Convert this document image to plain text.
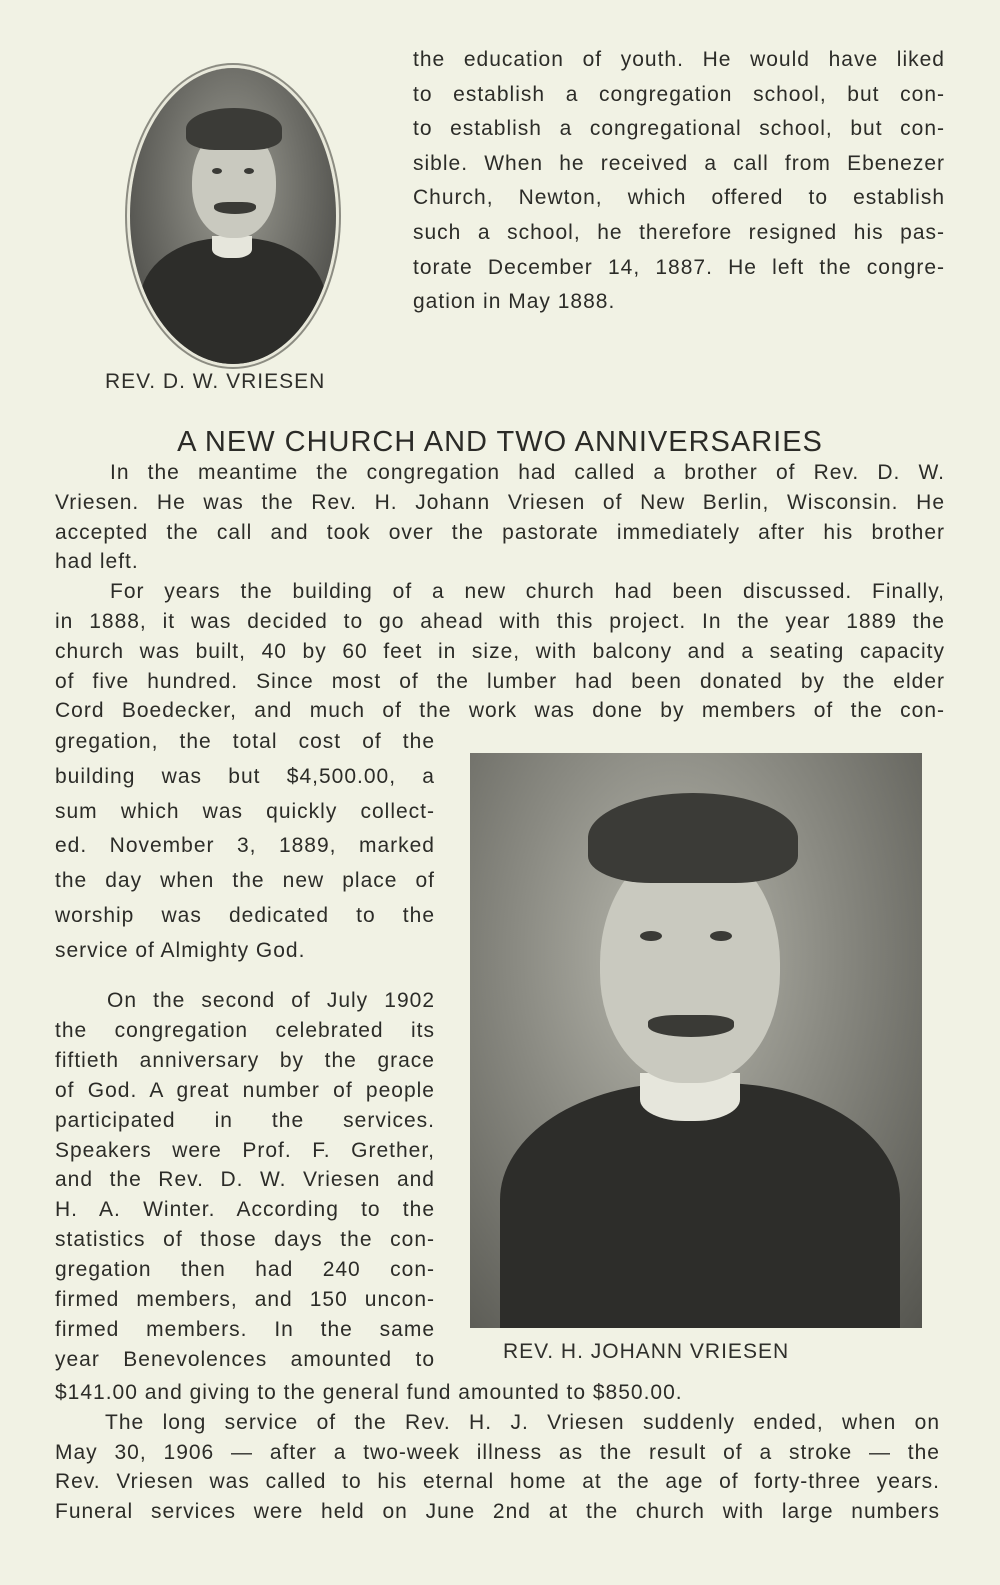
the education of youth. He would have liked
to establish a congregation school, but con-
to establish a congregational school, but con-
sible. When he received a call from Ebenezer
Church, Newton, which offered to establish
such a school, he therefore resigned his pas-
torate December 14, 1887. He left the congre-
gation in May 1888.
REV. D. W. VRIESEN
A NEW CHURCH AND TWO ANNIVERSARIES
In the meantime the congregation had called a brother of Rev. D. W.
Vriesen. He was the Rev. H. Johann Vriesen of New Berlin, Wisconsin. He
accepted the call and took over the pastorate immediately after his brother
had left.
For years the building of a new church had been discussed. Finally,
in 1888, it was decided to go ahead with this project. In the year 1889 the
church was built, 40 by 60 feet in size, with balcony and a seating capacity
of five hundred. Since most of the lumber had been donated by the elder
Cord Boedecker, and much of the work was done by members of the con-
gregation, the total cost of the
building was but $4,500.00, a
sum which was quickly collect-
ed. November 3, 1889, marked
the day when the new place of
worship was dedicated to the
service of Almighty God.
On the second of July 1902
the congregation celebrated its
fiftieth anniversary by the grace
of God. A great number of people
participated in the services.
Speakers were Prof. F. Grether,
and the Rev. D. W. Vriesen and
H. A. Winter. According to the
statistics of those days the con-
gregation then had 240 con-
firmed members, and 150 uncon-
firmed members. In the same
year Benevolences amounted to	REV. H. JOHANN VRIESEN
$141.00 and giving to the general fund amounted to $850.00.
The long service of the Rev. H. J. Vriesen suddenly ended, when on
May 30, 1906 — after a two-week illness as the result of a stroke — the
Rev. Vriesen was called to his eternal home at the age of forty-three years.
Funeral services were held on June 2nd at the church with large numbers
